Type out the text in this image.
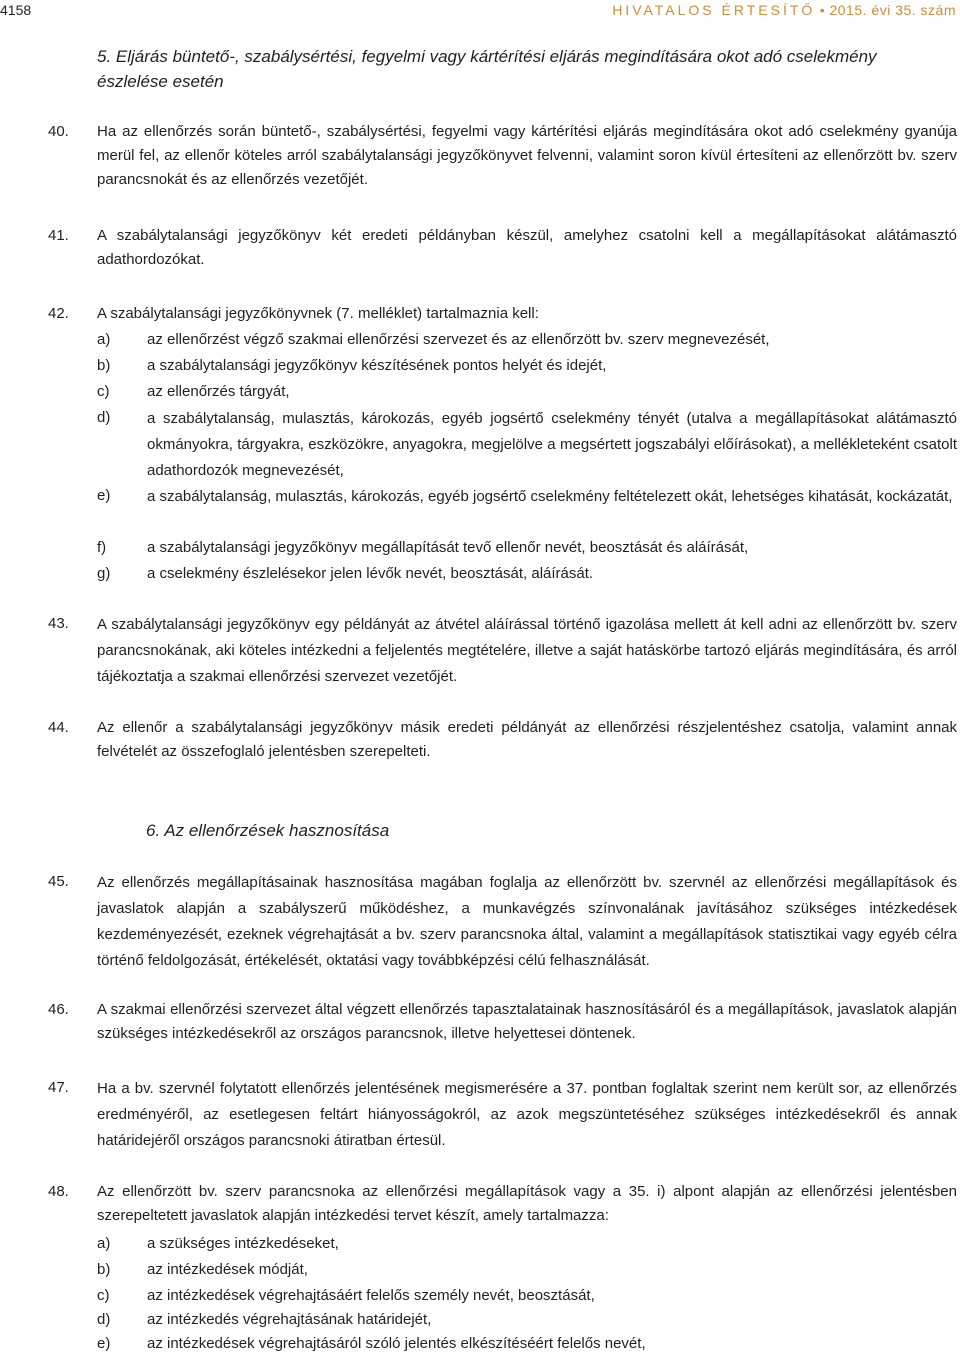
4158	HIVATALOS ÉRTESÍTŐ • 2015. évi 35. szám
5. Eljárás büntető-, szabálysértési, fegyelmi vagy kártérítési eljárás megindítására okot adó cselekmény észlelése esetén
40. Ha az ellenőrzés során büntető-, szabálysértési, fegyelmi vagy kártérítési eljárás megindítására okot adó cselekmény gyanúja merül fel, az ellenőr köteles arról szabálytalansági jegyzőkönyvet felvenni, valamint soron kívül értesíteni az ellenőrzött bv. szerv parancsnokát és az ellenőrzés vezetőjét.
41. A szabálytalansági jegyzőkönyv két eredeti példányban készül, amelyhez csatolni kell a megállapításokat alátámasztó adathordozókat.
42. A szabálytalansági jegyzőkönyvnek (7. melléklet) tartalmaznia kell:
a) az ellenőrzést végző szakmai ellenőrzési szervezet és az ellenőrzött bv. szerv megnevezését,
b) a szabálytalansági jegyzőkönyv készítésének pontos helyét és idejét,
c)	az ellenőrzés tárgyát,
d) a szabálytalanság, mulasztás, károkozás, egyéb jogsértő cselekmény tényét (utalva a megállapításokat alátámasztó okmányokra, tárgyakra, eszközökre, anyagokra, megjelölve a megsértett jogszabályi előírásokat), a mellékleteként csatolt adathordozók megnevezését,
e) a szabálytalanság, mulasztás, károkozás, egyéb jogsértő cselekmény feltételezett okát, lehetséges kihatását, kockázatát,
f)	a szabálytalansági jegyzőkönyv megállapítását tevő ellenőr nevét, beosztását és aláírását,
g) a cselekmény észlelésekor jelen lévők nevét, beosztását, aláírását.
43. A szabálytalansági jegyzőkönyv egy példányát az átvétel aláírással történő igazolása mellett át kell adni az ellenőrzött bv. szerv parancsnokának, aki köteles intézkedni a feljelentés megtételére, illetve a saját hatáskörbe tartozó eljárás megindítására, és arról tájékoztatja a szakmai ellenőrzési szervezet vezetőjét.
44. Az ellenőr a szabálytalansági jegyzőkönyv másik eredeti példányát az ellenőrzési részjelentéshez csatolja, valamint annak felvételét az összefoglaló jelentésben szerepelteti.
6. Az ellenőrzések hasznosítása
45. Az ellenőrzés megállapításainak hasznosítása magában foglalja az ellenőrzött bv. szervnél az ellenőrzési megállapítások és javaslatok alapján a szabályszerű működéshez, a munkavégzés színvonalának javításához szükséges intézkedések kezdeményezését, ezeknek végrehajtását a bv. szerv parancsnoka által, valamint a megállapítások statisztikai vagy egyéb célra történő feldolgozását, értékelését, oktatási vagy továbbképzési célú felhasználását.
46. A szakmai ellenőrzési szervezet által végzett ellenőrzés tapasztalatainak hasznosításáról és a megállapítások, javaslatok alapján szükséges intézkedésekről az országos parancsnok, illetve helyettesei döntenek.
47. Ha a bv. szervnél folytatott ellenőrzés jelentésének megismerésére a 37. pontban foglaltak szerint nem került sor, az ellenőrzés eredményéről, az esetlegesen feltárt hiányosságokról, az azok megszüntetéséhez szükséges intézkedésekről és annak határidejéről országos parancsnoki átiratban értesül.
48. Az ellenőrzött bv. szerv parancsnoka az ellenőrzési megállapítások vagy a 35. i) alpont alapján az ellenőrzési jelentésben szerepeltetett javaslatok alapján intézkedési tervet készít, amely tartalmazza:
a) a szükséges intézkedéseket,
b) az intézkedések módját,
c)	az intézkedések végrehajtásáért felelős személy nevét, beosztását,
d) az intézkedés végrehajtásának határidejét,
e) az intézkedések végrehajtásáról szóló jelentés elkészítéséért felelős nevét,
